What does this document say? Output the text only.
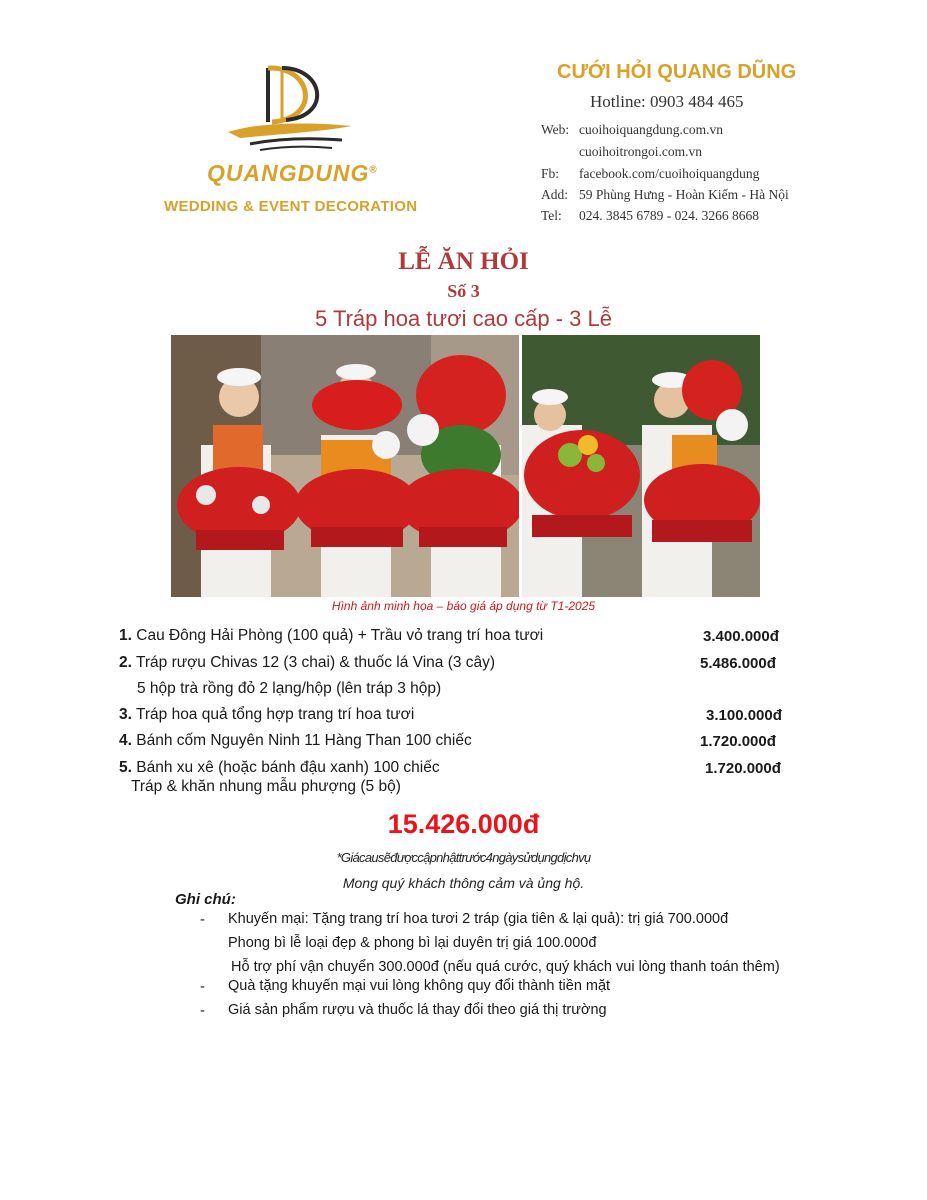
QUANGDUNG®
WEDDING & EVENT DECORATION
CƯỚI HỎI QUANG DŨNG
Hotline: 0903 484 465
Web: cuoihoiquangdung.com.vn
cuoihoitrongoi.com.vn
Fb: facebook.com/cuoihoiquangdung
Add: 59 Phùng Hưng - Hoàn Kiếm - Hà Nội
Tel: 024. 3845 6789 - 024. 3266 8668
LỄ ĂN HỎI
Số 3
5 Tráp hoa tươi cao cấp - 3 Lễ
Hình ảnh minh họa – báo giá áp dụng từ T1-2025
1. Cau Đông Hải Phòng (100 quả) + Trầu vỏ trang trí hoa tươi	3.400.000đ
2. Tráp rượu Chivas 12 (3 chai) & thuốc lá Vina (3 cây)	5.486.000đ
5 hộp trà rồng đỏ 2 lạng/hộp (lên tráp 3 hộp)
3. Tráp hoa quả tổng hợp trang trí hoa tươi	3.100.000đ
4. Bánh cốm Nguyên Ninh 11 Hàng Than 100 chiếc	1.720.000đ
5. Bánh xu xê (hoặc bánh đậu xanh) 100 chiếc	1.720.000đ
Tráp & khăn nhung mẫu phượng (5 bộ)
15.426.000đ
*Giácausẽđượccậpnhậttrước4ngàysửdụngdịchvụ
Mong quý khách thông cảm và ủng hộ.
Ghi chú:
- Khuyến mại: Tặng trang trí hoa tươi 2 tráp (gia tiên & lại quả): trị giá 700.000đ
Phong bì lễ loại đẹp & phong bì lại duyên trị giá 100.000đ
Hỗ trợ phí vận chuyển 300.000đ (nếu quá cước, quý khách vui lòng thanh toán thêm)
- Quà tặng khuyến mại vui lòng không quy đổi thành tiền mặt
- Giá sản phẩm rượu và thuốc lá thay đổi theo giá thị trường
